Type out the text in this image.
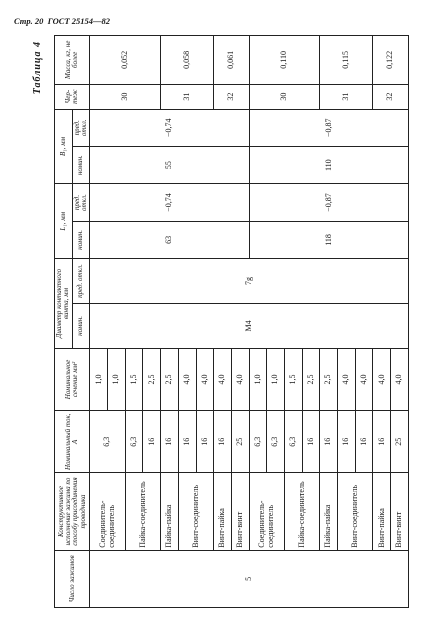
Стр. 20  ГОСТ 25154—82
Таблица 4
Число зажимов	Конструктивное исполнение зажима по способу присоединения проводника	Номинальный ток, А	Номинальное сечение мм²	Диаметр контактного винта, мм		L₁, мм		B₁, мм		Чер-теж	Масса, кг, не более
				номин.	пред. откл.	номин.	пред. откл.	номин.	пред. откл.		
5	Соединитель-соединитель	6,3	1,0	М4	7g	63	−0,74	55	−0,74	30	0,052
			1,0								
	Пайка-соединитель	6,3	1,5								
		16	2,5								
	Пайка-пайка	16	2,5							31	0,058
	Винт-соединитель	16	4,0								
		16	4,0								
	Винт-пайка	16	4,0							32	0,061
	Винт-винт	25	4,0								
	Соединитель-соединитель	6,3	1,0			118	−0,87	110	−0,87	30	0,110
		6,3	1,0								
	Пайка-соединитель	6,3	1,5								
		16	2,5								
	Пайка-пайка	16	2,5							31	0,115
	Винт-соединитель	16	4,0								
		16	4,0								
	Винт-пайка	16	4,0							32	0,122
	Винт-винт	25	4,0								
